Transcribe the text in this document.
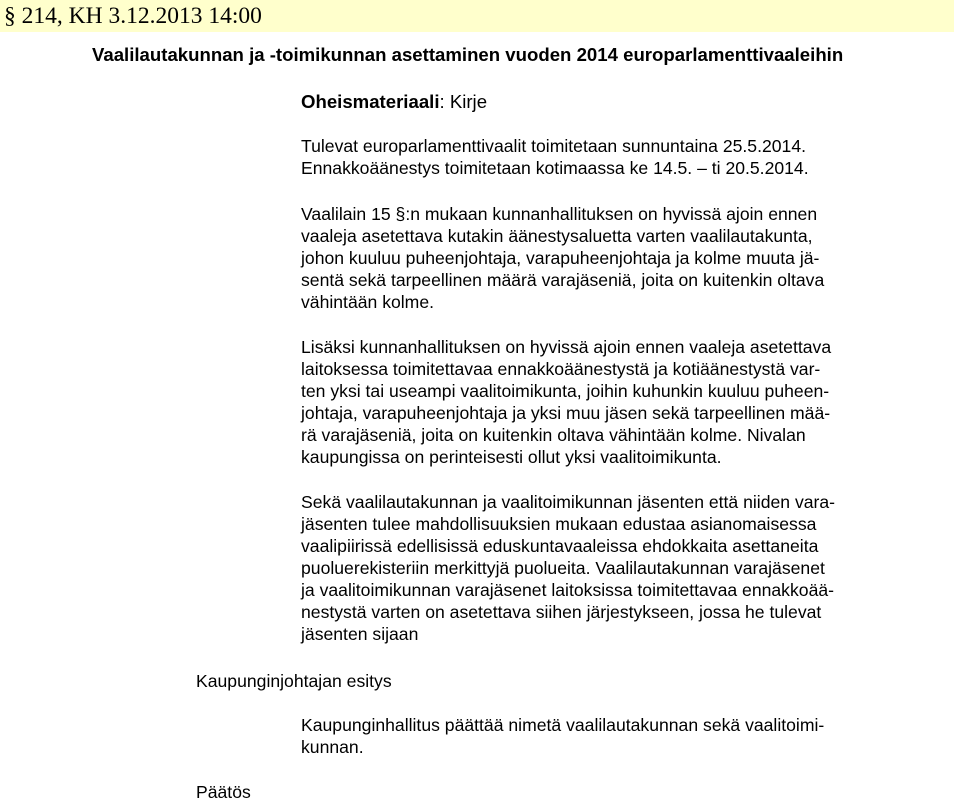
§ 214, KH 3.12.2013 14:00
Vaalilautakunnan ja -toimikunnan asettaminen vuoden 2014 europarlamenttivaaleihin
Oheismateriaali: Kirje
Tulevat europarlamenttivaalit toimitetaan sunnuntaina 25.5.2014.
Ennakkoäänestys toimitetaan kotimaassa ke 14.5. – ti 20.5.2014.
Vaalilain 15 §:n mukaan kunnanhallituksen on hyvissä ajoin ennen
vaaleja asetettava kutakin äänestysaluetta varten vaalilautakunta,
johon kuuluu puheenjohtaja, varapuheenjohtaja ja kolme muuta jä-
sentä sekä tarpeellinen määrä varajäseniä, joita on kuitenkin oltava
vähintään kolme.
Lisäksi kunnanhallituksen on hyvissä ajoin ennen vaaleja asetettava
laitoksessa toimitettavaa ennakkoäänestystä ja kotiäänestystä var-
ten yksi tai useampi vaalitoimikunta, joihin kuhunkin kuuluu puheen-
johtaja, varapuheenjohtaja ja yksi muu jäsen sekä tarpeellinen mää-
rä varajäseniä, joita on kuitenkin oltava vähintään kolme. Nivalan
kaupungissa on perinteisesti ollut yksi vaalitoimikunta.
Sekä vaalilautakunnan ja vaalitoimikunnan jäsenten että niiden vara-
jäsenten tulee mahdollisuuksien mukaan edustaa asianomaisessa
vaalipiirissä edellisissä eduskuntavaaleissa ehdokkaita asettaneita
puoluerekisteriin merkittyjä puolueita. Vaalilautakunnan varajäsenet
ja vaalitoimikunnan varajäsenet laitoksissa toimitettavaa ennakkoää-
nestystä varten on asetettava siihen järjestykseen, jossa he tulevat
jäsenten sijaan
Kaupunginjohtajan esitys
Kaupunginhallitus päättää nimetä vaalilautakunnan sekä vaalitoimi-
kunnan.
Päätös
